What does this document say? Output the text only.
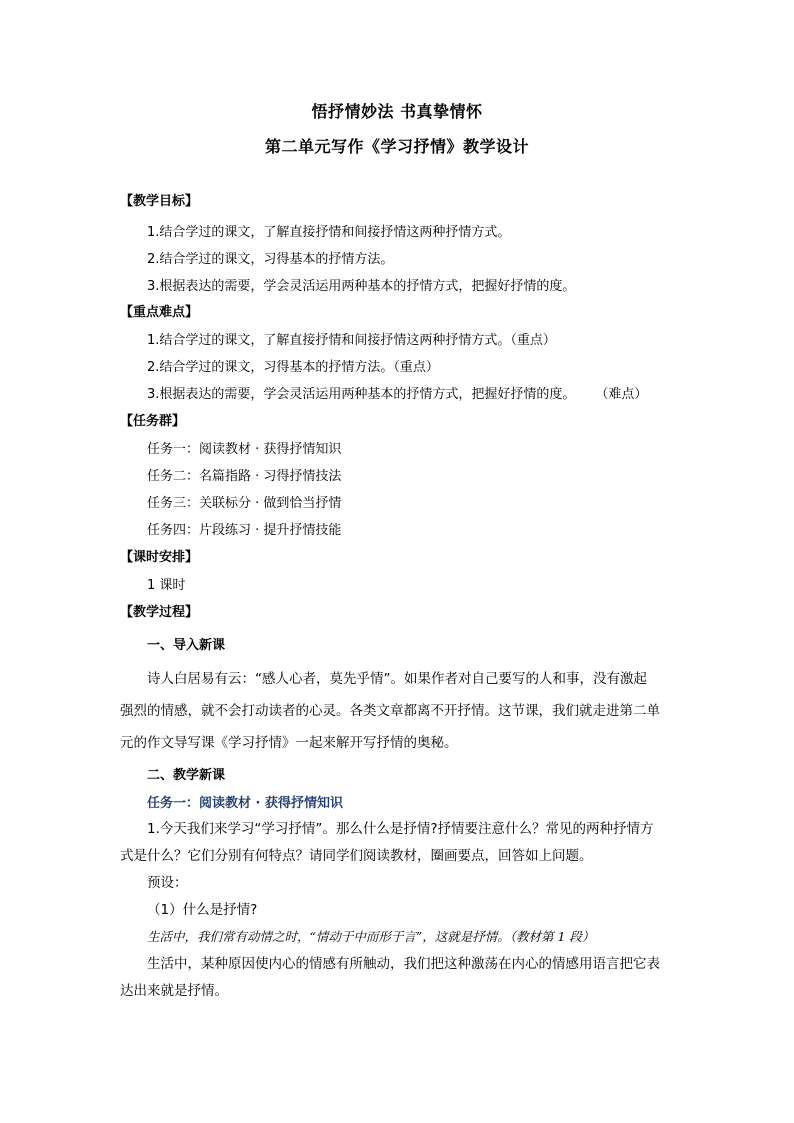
悟抒情妙法 书真挚情怀
第二单元写作《学习抒情》教学设计
【教学目标】
1.结合学过的课文，了解直接抒情和间接抒情这两种抒情方式。
2.结合学过的课文，习得基本的抒情方法。
3.根据表达的需要，学会灵活运用两种基本的抒情方式，把握好抒情的度。
【重点难点】
1.结合学过的课文，了解直接抒情和间接抒情这两种抒情方式。（重点）
2.结合学过的课文，习得基本的抒情方法。（重点）
3.根据表达的需要，学会灵活运用两种基本的抒情方式，把握好抒情的度。 （难点）
【任务群】
任务一：阅读教材 · 获得抒情知识
任务二：名篇指路 · 习得抒情技法
任务三：关联标分 · 做到恰当抒情
任务四：片段练习 · 提升抒情技能
【课时安排】
1 课时
【教学过程】
一、导入新课
诗人白居易有云：“感人心者，莫先乎情”。如果作者对自己要写的人和事，没有激起
强烈的情感，就不会打动读者的心灵。各类文章都离不开抒情。这节课，我们就走进第二单
元的作文导写课《学习抒情》一起来解开写抒情的奥秘。
二、教学新课
任务一：阅读教材 · 获得抒情知识
1.今天我们来学习“学习抒情”。那么什么是抒情?抒情要注意什么？常见的两种抒情方
式是什么？它们分别有何特点？请同学们阅读教材，圈画要点，回答如上问题。
预设：
（1）什么是抒情?
生活中，我们常有动情之时，“情动于中而形于言”，这就是抒情。（教材第 1 段）
生活中，某种原因使内心的情感有所触动，我们把这种激荡在内心的情感用语言把它表
达出来就是抒情。
